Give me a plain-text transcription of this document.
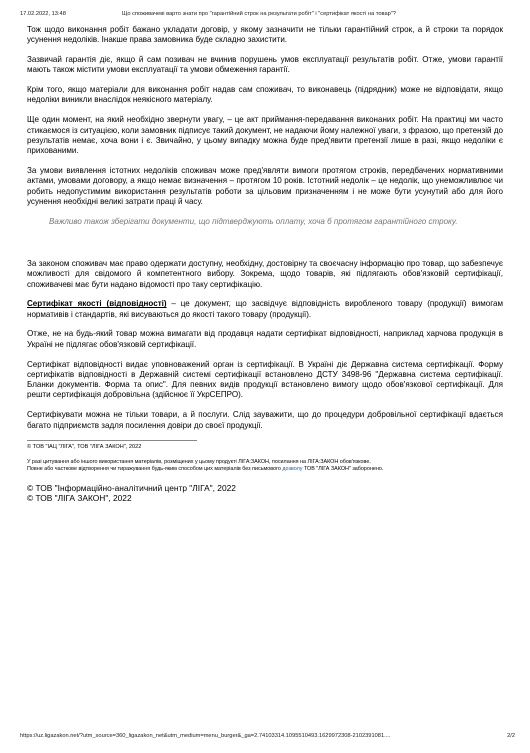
17.02.2022, 13:48	Що споживачеві варто знати про "гарантійний строк на результати робіт" і "сертифікат якості на товар"?

Тож щодо виконання робіт бажано укладати договір, у якому зазначити не тільки гарантійний строк, а й строки та порядок усунення недоліків. Інакше права замовника буде складно захистити.

Зазвичай гарантія діє, якщо й сам позивач не вчинив порушень умов експлуатації результатів робіт. Отже, умови гарантії мають також містити умови експлуатації та умови обмеження гарантії.

Крім того, якщо матеріали для виконання робіт надав сам споживач, то виконавець (підрядник) може не відповідати, якщо недоліки виникли внаслідок неякісного матеріалу.

Ще один момент, на який необхідно звернути увагу, – це акт приймання-передавання виконаних робіт. На практиці ми часто стикаємося із ситуацією, коли замовник підписує такий документ, не надаючи йому належної уваги, з фразою, що претензій до результатів немає, хоча вони і є. Звичайно, у цьому випадку можна буде пред'явити претензії лише в разі, якщо недоліки є прихованими.

За умови виявлення істотних недоліків споживач може пред'являти вимоги протягом строків, передбачених нормативними актами, умовами договору, а якщо немає визначення – протягом 10 років. Істотний недолік – це недолік, що унеможливлює чи робить недопустимим використання результатів роботи за цільовим призначенням і не може бути усунутий або для його усунення необхідні великі затрати праці й часу.

Важливо також зберігати документи, що підтверджують оплату, хоча б протягом гарантійного строку.

За законом споживач має право одержати доступну, необхідну, достовірну та своєчасну інформацію про товар, що забезпечує можливості для свідомого й компетентного вибору. Зокрема, щодо товарів, які підлягають обов'язковій сертифікації, споживачеві має бути надано відомості про таку сертифікацію.

Сертифікат якості (відповідності) – це документ, що засвідчує відповідність виробленого товару (продукції) вимогам нормативів і стандартів, які висуваються до якості такого товару (продукції).

Отже, не на будь-який товар можна вимагати від продавця надати сертифікат відповідності, наприклад харчова продукція в Україні не підлягає обов'язковій сертифікації.

Сертифікат відповідності видає уповноважений орган із сертифікації. В Україні діє Державна система сертифікації. Форму сертифікатів відповідності в Державній системі сертифікації встановлено ДСТУ 3498-96 "Державна система сертифікації. Бланки документів. Форма та опис". Для певних видів продукції встановлено вимогу щодо обов'язкової сертифікації. Для решти сертифікація добровільна (здійснює її УкрСЕПРО).

Сертифікувати можна не тільки товари, а й послуги. Слід зауважити, що до процедури добровільної сертифікації вдається багато підприємств задля посилення довіри до своєї продукції.

© ТОВ "ІАЦ "ЛІГА", ТОВ "ЛІГА ЗАКОН", 2022

У разі цитування або іншого використання матеріалів, розміщених у цьому продукті ЛІГА:ЗАКОН, посилання на ЛІГА:ЗАКОН обов'язкове.

Повне або часткове відтворення чи тиражування будь-яким способом цих матеріалів без письмового дозволу ТОВ "ЛІГА ЗАКОН" заборонено.

© ТОВ "Інформаційно-аналітичний центр "ЛІГА", 2022

© ТОВ "ЛІГА ЗАКОН", 2022

https://uz.ligazakon.net/?utm_source=360_ligazakon_net&utm_medium=menu_burger&_ga=2.74103314.1095510493.1629972308-2102391081....	2/2
